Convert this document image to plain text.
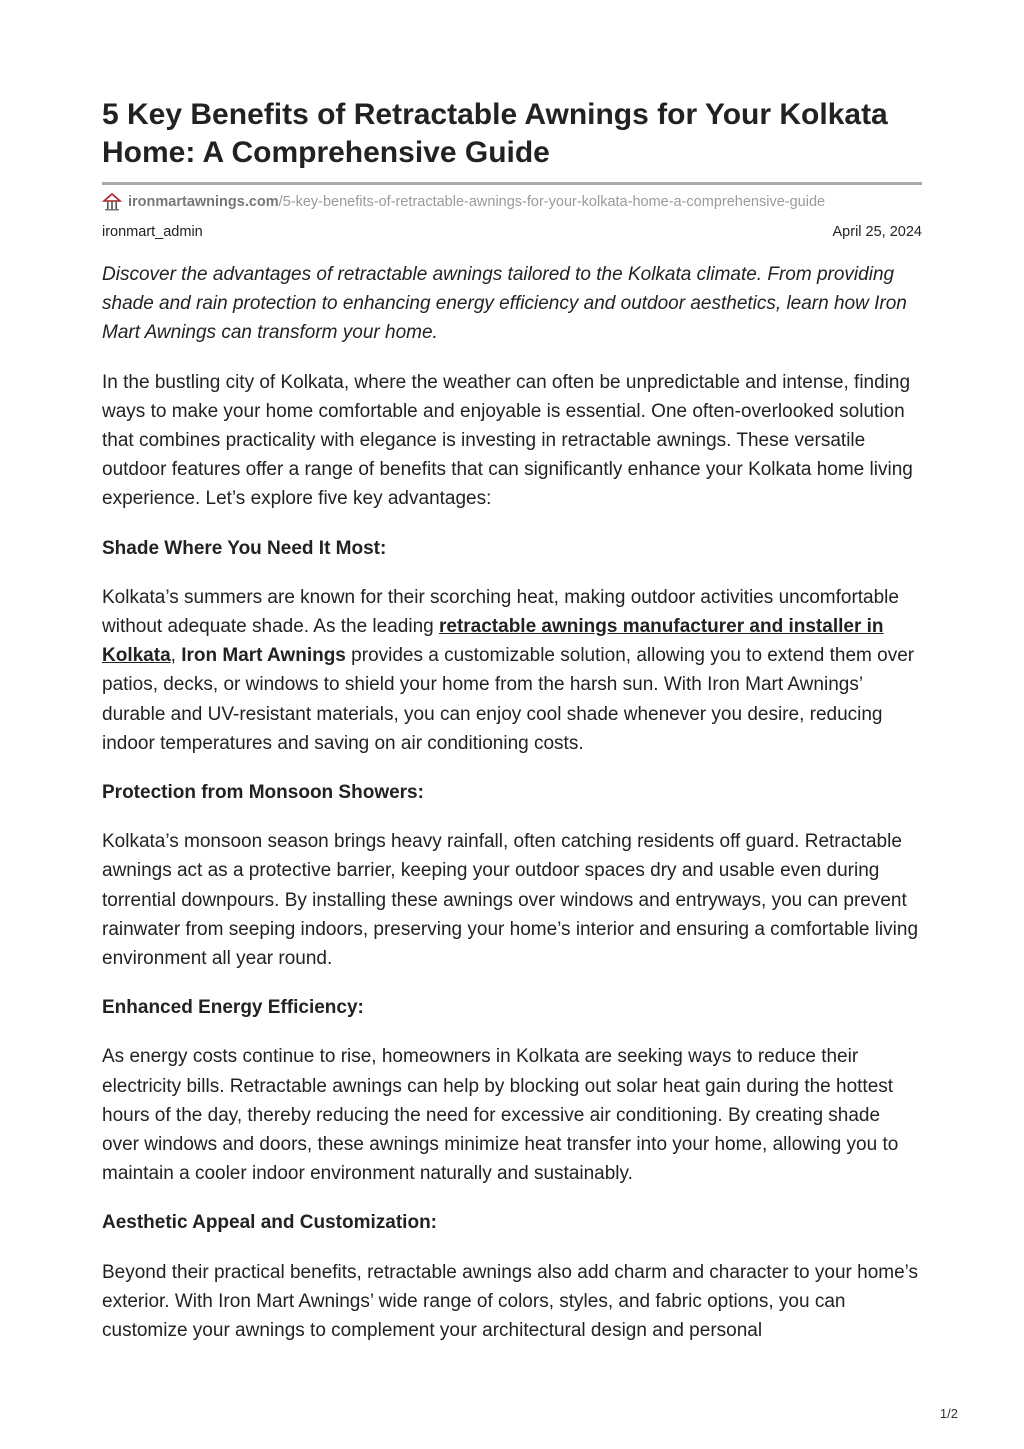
5 Key Benefits of Retractable Awnings for Your Kolkata Home: A Comprehensive Guide
ironmartawnings.com /5-key-benefits-of-retractable-awnings-for-your-kolkata-home-a-comprehensive-guide
ironmart_admin	April 25, 2024

Discover the advantages of retractable awnings tailored to the Kolkata climate. From providing shade and rain protection to enhancing energy efficiency and outdoor aesthetics, learn how Iron Mart Awnings can transform your home.

In the bustling city of Kolkata, where the weather can often be unpredictable and intense, finding ways to make your home comfortable and enjoyable is essential. One often-overlooked solution that combines practicality with elegance is investing in retractable awnings. These versatile outdoor features offer a range of benefits that can significantly enhance your Kolkata home living experience. Let’s explore five key advantages:

Shade Where You Need It Most:

Kolkata’s summers are known for their scorching heat, making outdoor activities uncomfortable without adequate shade. As the leading retractable awnings manufacturer and installer in Kolkata, Iron Mart Awnings provides a customizable solution, allowing you to extend them over patios, decks, or windows to shield your home from the harsh sun. With Iron Mart Awnings’ durable and UV-resistant materials, you can enjoy cool shade whenever you desire, reducing indoor temperatures and saving on air conditioning costs.

Protection from Monsoon Showers:

Kolkata’s monsoon season brings heavy rainfall, often catching residents off guard. Retractable awnings act as a protective barrier, keeping your outdoor spaces dry and usable even during torrential downpours. By installing these awnings over windows and entryways, you can prevent rainwater from seeping indoors, preserving your home’s interior and ensuring a comfortable living environment all year round.

Enhanced Energy Efficiency:

As energy costs continue to rise, homeowners in Kolkata are seeking ways to reduce their electricity bills. Retractable awnings can help by blocking out solar heat gain during the hottest hours of the day, thereby reducing the need for excessive air conditioning. By creating shade over windows and doors, these awnings minimize heat transfer into your home, allowing you to maintain a cooler indoor environment naturally and sustainably.

Aesthetic Appeal and Customization:

Beyond their practical benefits, retractable awnings also add charm and character to your home’s exterior. With Iron Mart Awnings’ wide range of colors, styles, and fabric options, you can customize your awnings to complement your architectural design and personal

1/2
